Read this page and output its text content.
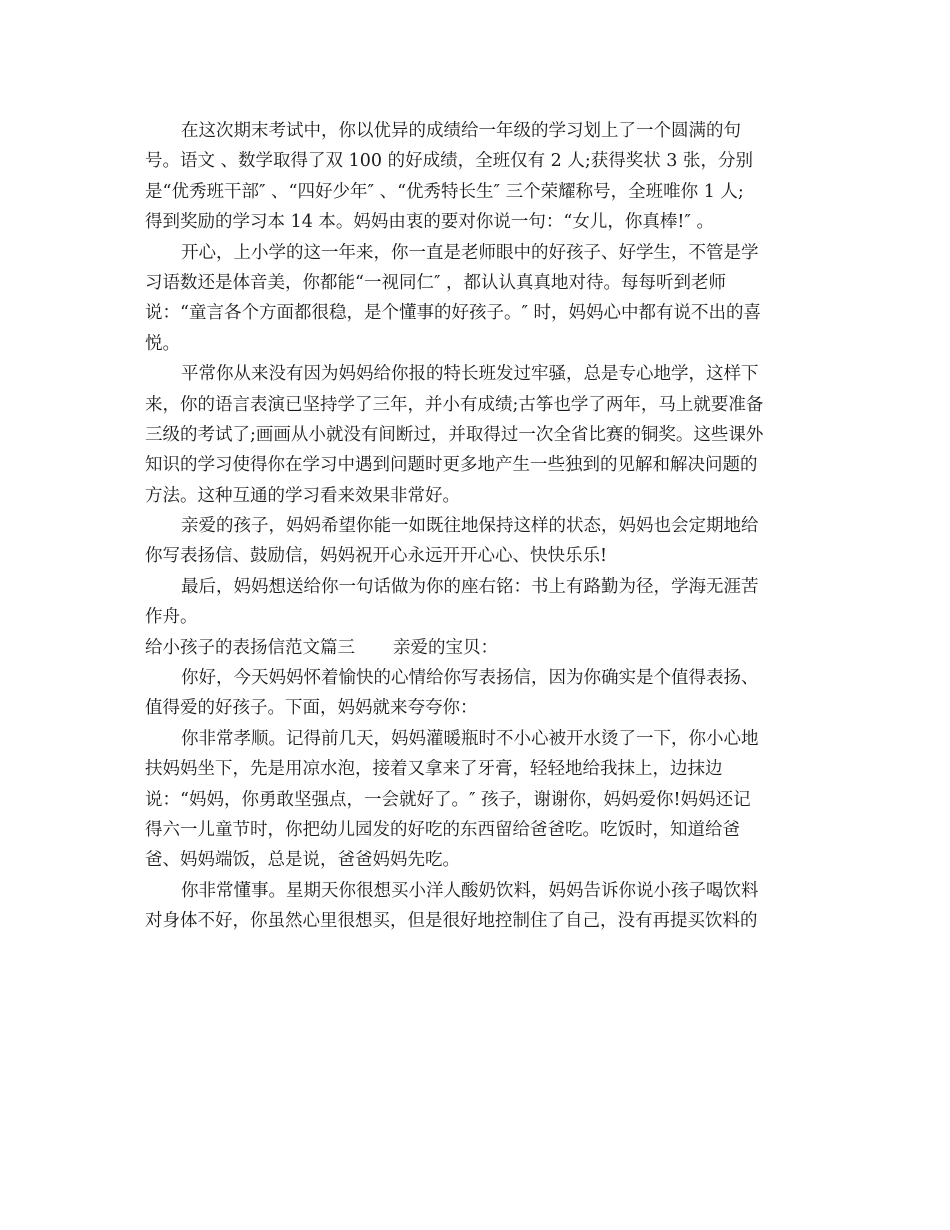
在这次期末考试中，你以优异的成绩给一年级的学习划上了一个圆满的句
号。语文 、数学取得了双 100 的好成绩，全班仅有 2 人;获得奖状 3 张，分别
是“优秀班干部″ 、“四好少年″ 、“优秀特长生″ 三个荣耀称号，全班唯你 1 人;
得到奖励的学习本 14 本。妈妈由衷的要对你说一句：“女儿，你真棒!″ 。
开心，上小学的这一年来，你一直是老师眼中的好孩子、好学生，不管是学
习语数还是体音美，你都能“一视同仁″ ，都认认真真地对待。每每听到老师
说：“童言各个方面都很稳，是个懂事的好孩子。″ 时，妈妈心中都有说不出的喜
悦。
平常你从来没有因为妈妈给你报的特长班发过牢骚，总是专心地学，这样下
来，你的语言表演已坚持学了三年，并小有成绩;古筝也学了两年，马上就要准备
三级的考试了;画画从小就没有间断过，并取得过一次全省比赛的铜奖。这些课外
知识的学习使得你在学习中遇到问题时更多地产生一些独到的见解和解决问题的
方法。这种互通的学习看来效果非常好。
亲爱的孩子，妈妈希望你能一如既往地保持这样的状态，妈妈也会定期地给
你写表扬信、鼓励信，妈妈祝开心永远开开心心、快快乐乐!
最后，妈妈想送给你一句话做为你的座右铭：书上有路勤为径，学海无涯苦
作舟。
给小孩子的表扬信范文篇三 亲爱的宝贝：
你好，今天妈妈怀着愉快的心情给你写表扬信，因为你确实是个值得表扬、
值得爱的好孩子。下面，妈妈就来夸夸你：
你非常孝顺。记得前几天，妈妈灌暖瓶时不小心被开水烫了一下，你小心地
扶妈妈坐下，先是用凉水泡，接着又拿来了牙膏，轻轻地给我抹上，边抹边
说：“妈妈，你勇敢坚强点，一会就好了。″ 孩子，谢谢你，妈妈爱你!妈妈还记
得六一儿童节时，你把幼儿园发的好吃的东西留给爸爸吃。吃饭时，知道给爸
爸、妈妈端饭，总是说，爸爸妈妈先吃。
你非常懂事。星期天你很想买小洋人酸奶饮料，妈妈告诉你说小孩子喝饮料
对身体不好，你虽然心里很想买，但是很好地控制住了自己，没有再提买饮料的
